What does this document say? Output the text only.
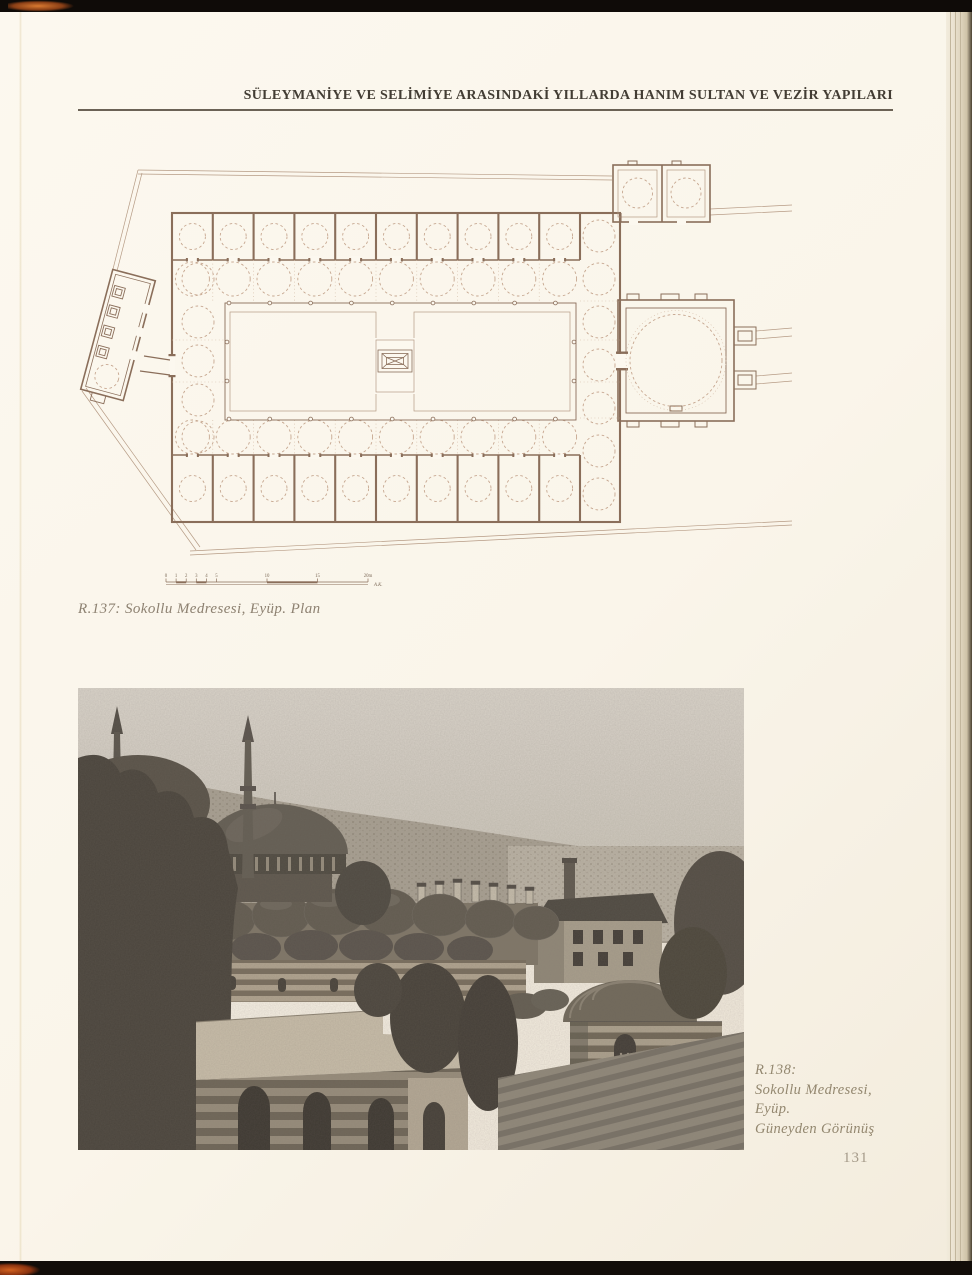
SÜLEYMANİYE VE SELİMİYE ARASINDAKİ YILLARDA HANIM SULTAN VE VEZİR YAPILARI
0 1 2 3 4 5	10	15	20m
A.K.
R.137: Sokollu Medresesi, Eyüp. Plan
R.138:
Sokollu Medresesi,
Eyüp.
Güneyden Görünüş
131
